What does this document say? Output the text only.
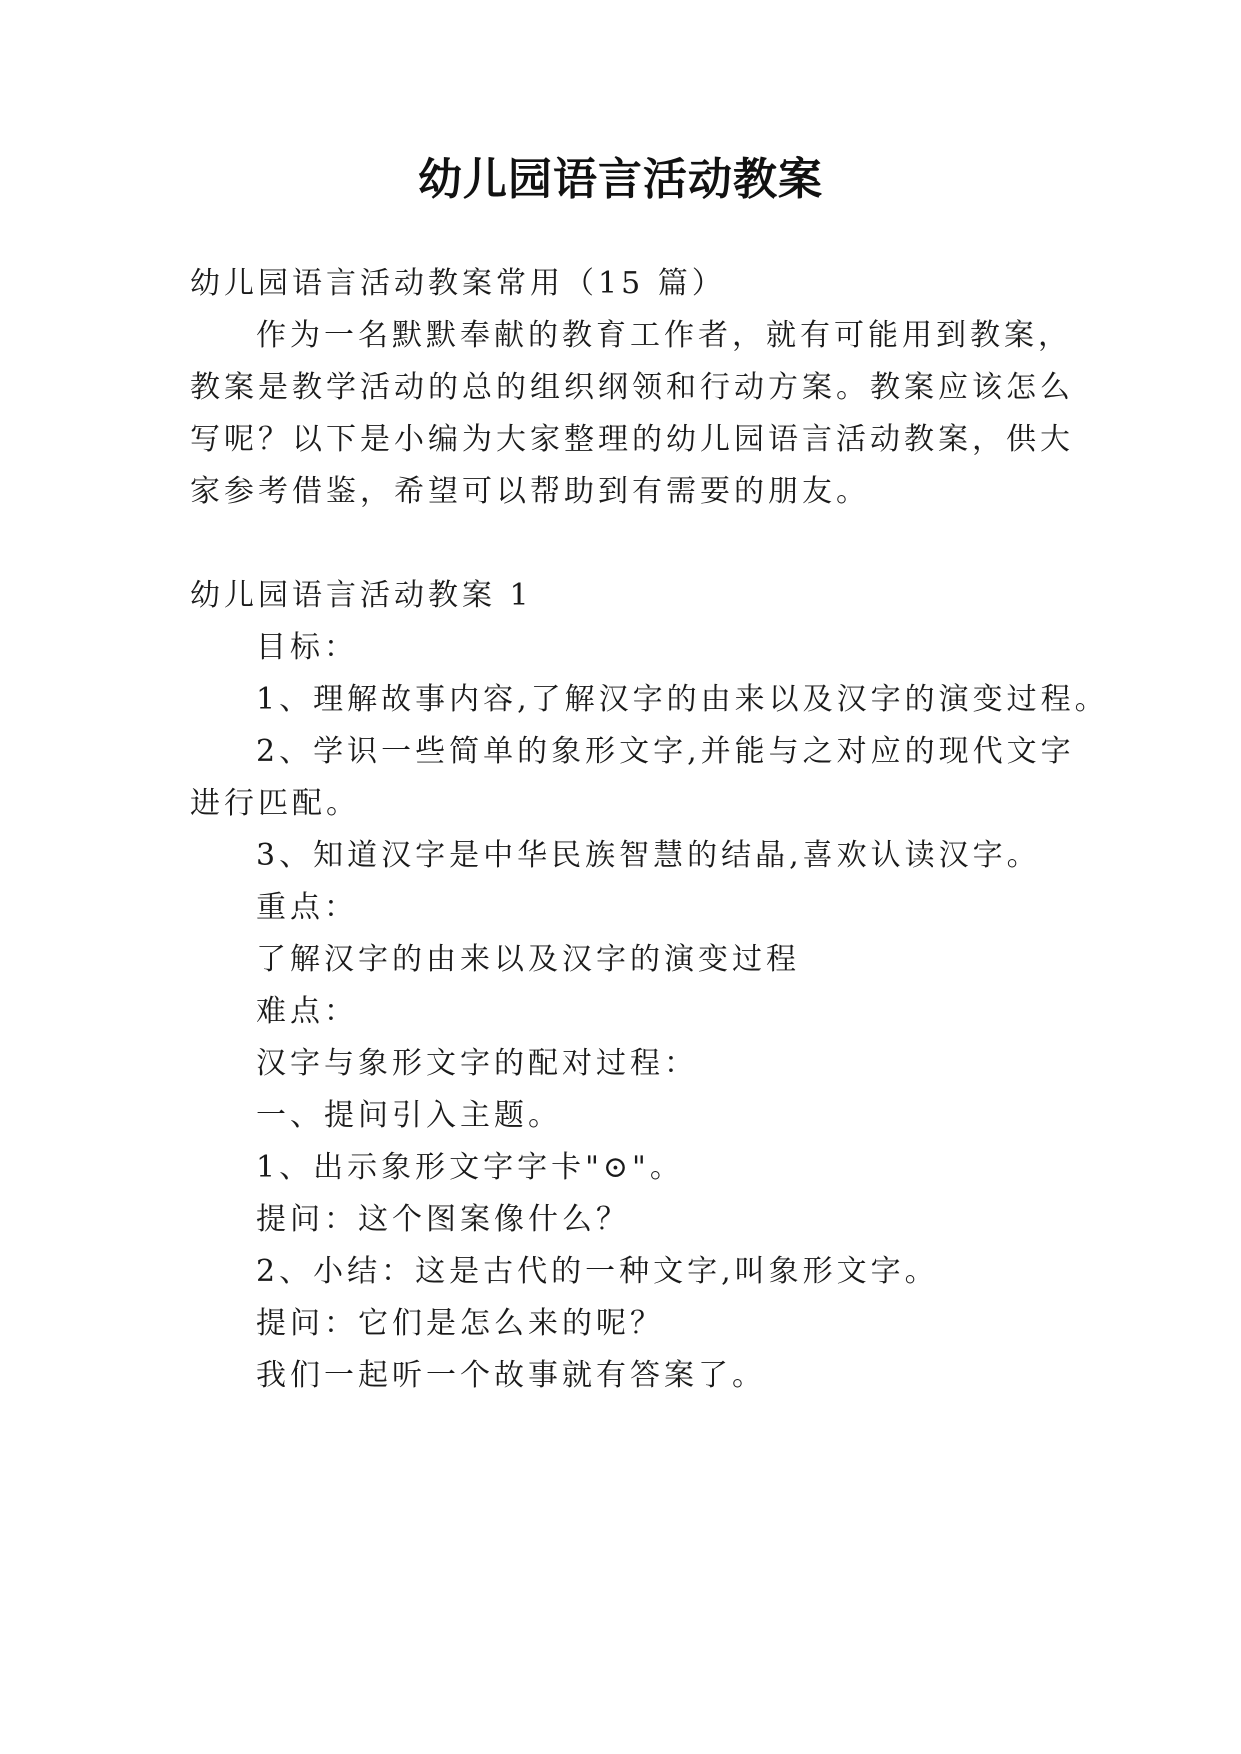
幼儿园语言活动教案
幼儿园语言活动教案常用（15 篇）
作为一名默默奉献的教育工作者，就有可能用到教案，
教案是教学活动的总的组织纲领和行动方案。教案应该怎么
写呢？以下是小编为大家整理的幼儿园语言活动教案，供大
家参考借鉴，希望可以帮助到有需要的朋友。
幼儿园语言活动教案 1
目标：
1、理解故事内容,了解汉字的由来以及汉字的演变过程。
2、学识一些简单的象形文字,并能与之对应的现代文字
进行匹配。
3、知道汉字是中华民族智慧的结晶,喜欢认读汉字。
重点：
了解汉字的由来以及汉字的演变过程
难点：
汉字与象形文字的配对过程：
一、提问引入主题。
1、出示象形文字字卡"⊙"。
提问：这个图案像什么？
2、小结：这是古代的一种文字,叫象形文字。
提问：它们是怎么来的呢？
我们一起听一个故事就有答案了。
